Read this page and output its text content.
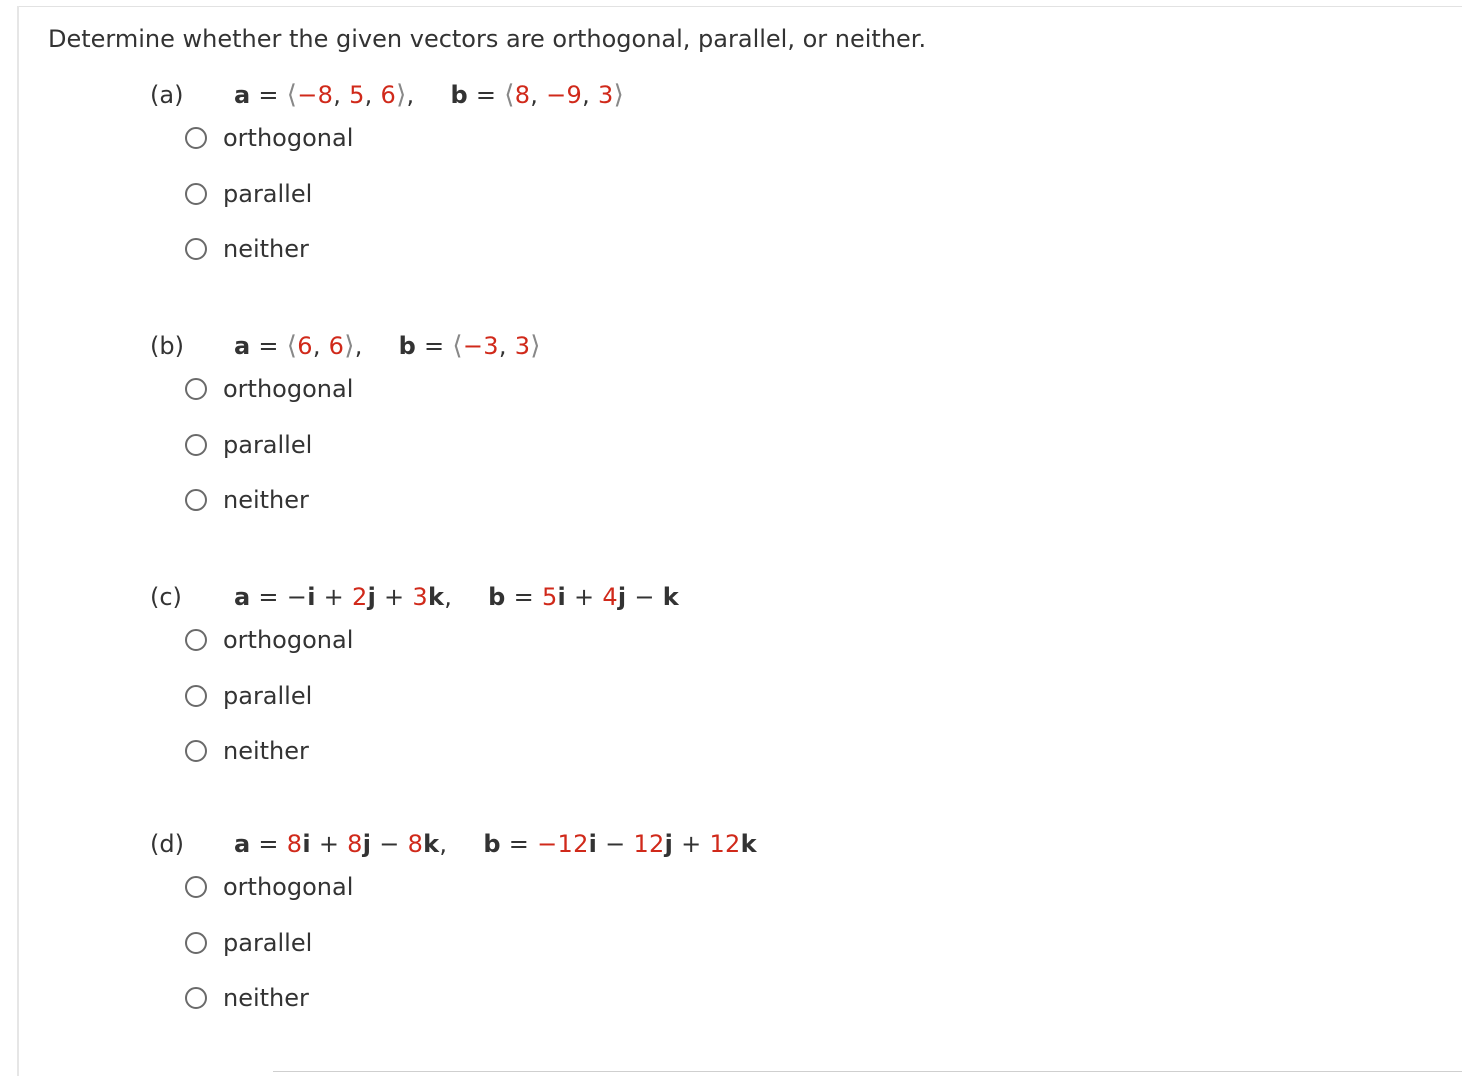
Determine whether the given vectors are orthogonal, parallel, or neither.
(a) a = ⟨−8, 5, 6⟩, b = ⟨8, −9, 3⟩
orthogonal
parallel
neither
(b) a = ⟨6, 6⟩, b = ⟨−3, 3⟩
orthogonal
parallel
neither
(c) a = −i + 2j + 3k, b = 5i + 4j − k
orthogonal
parallel
neither
(d) a = 8i + 8j − 8k, b = −12i − 12j + 12k
orthogonal
parallel
neither
